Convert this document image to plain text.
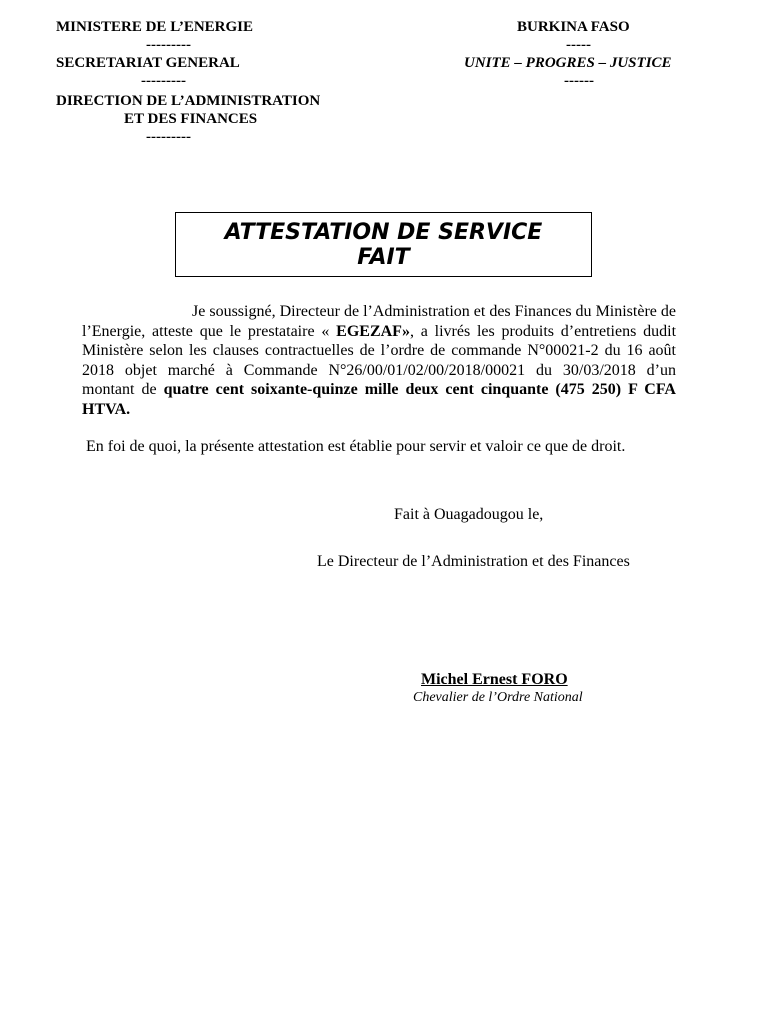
MINISTERE DE L’ENERGIE
---------
SECRETARIAT GENERAL
---------
DIRECTION DE L’ADMINISTRATION
ET DES FINANCES
---------
BURKINA FASO
-----
UNITE – PROGRES – JUSTICE
------

ATTESTATION DE SERVICE FAIT

Je soussigné, Directeur de l’Administration et des Finances du Ministère de l’Energie, atteste que le prestataire « EGEZAF», a livrés les produits d’entretiens dudit Ministère selon les clauses contractuelles de l’ordre de commande N°00021-2 du 16 août 2018 objet marché à Commande N°26/00/01/02/00/2018/00021 du 30/03/2018 d’un montant de quatre cent soixante-quinze mille deux cent cinquante (475 250) F CFA HTVA.

En foi de quoi, la présente attestation est établie pour servir et valoir ce que de droit.

Fait à Ouagadougou le,
Le Directeur de l’Administration et des Finances
Michel Ernest FORO
Chevalier de l’Ordre National
